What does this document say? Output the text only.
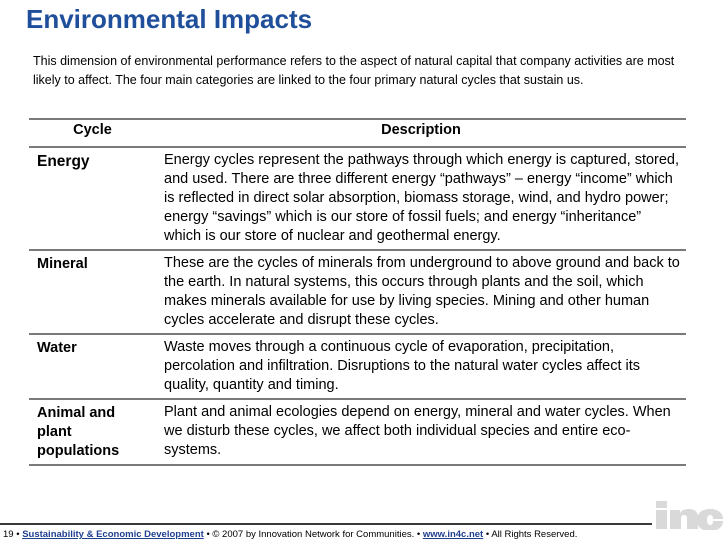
Environmental Impacts
This dimension of environmental performance refers to the aspect of natural capital that company activities are most likely to affect. The four main categories are linked to the four primary natural cycles that sustain us.
Cycle	Description
Energy	Energy cycles represent the pathways through which energy is captured, stored, and used. There are three different energy “pathways” – energy “income” which is reflected in direct solar absorption, biomass storage, wind, and hydro power; energy “savings” which is our store of fossil fuels; and energy “inheritance” which is our store of nuclear and geothermal energy.
Mineral	These are the cycles of minerals from underground to above ground and back to the earth. In natural systems, this occurs through plants and the soil, which makes minerals available for use by living species. Mining and other human cycles accelerate and disrupt these cycles.
Water	Waste moves through a continuous cycle of evaporation, precipitation, percolation and infiltration. Disruptions to the natural water cycles affect its quality, quantity and timing.
Animal and plant populations	Plant and animal ecologies depend on energy, mineral and water cycles. When we disturb these cycles, we affect both individual species and entire eco-systems.
19 • Sustainability & Economic Development • © 2007 by Innovation Network for Communities. • www.in4c.net • All Rights Reserved.
